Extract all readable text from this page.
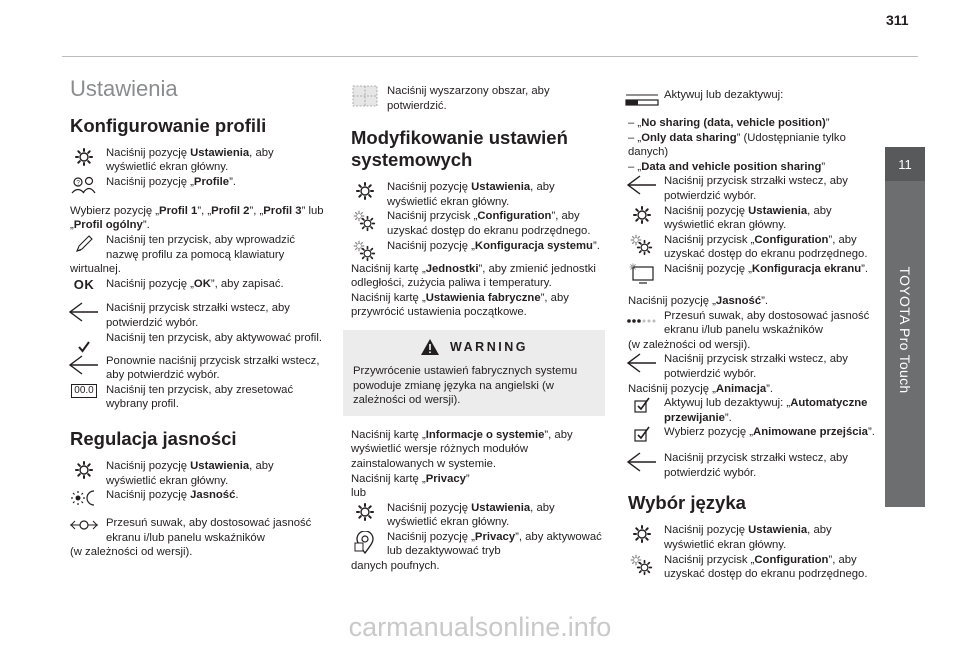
311
11
TOYOTA Pro Touch
Ustawienia
Konfigurowanie profili
Naciśnij pozycję Ustawienia, aby wyświetlić ekran główny.
? Naciśnij pozycję „Profile”.
Wybierz pozycję „Profil 1”, „Profil 2”, „Profil 3” lub „Profil ogólny”.
Naciśnij ten przycisk, aby wprowadzić nazwę profilu za pomocą klawiatury
wirtualnej.
OK Naciśnij pozycję „OK”, aby zapisać.
Naciśnij przycisk strzałki wstecz, aby potwierdzić wybór.
Naciśnij ten przycisk, aby aktywować profil.
Ponownie naciśnij przycisk strzałki wstecz, aby potwierdzić wybór.
00.0 Naciśnij ten przycisk, aby zresetować wybrany profil.
Regulacja jasności
Naciśnij pozycję Ustawienia, aby wyświetlić ekran główny.
Naciśnij pozycję Jasność.
Przesuń suwak, aby dostosować jasność ekranu i/lub panelu wskaźników
(w zależności od wersji).
Naciśnij wyszarzony obszar, aby potwierdzić.
Modyfikowanie ustawień systemowych
Naciśnij pozycję Ustawienia, aby wyświetlić ekran główny.
Naciśnij przycisk „Configuration”, aby uzyskać dostęp do ekranu podrzędnego.
Naciśnij pozycję „Konfiguracja systemu”.
Naciśnij kartę „Jednostki”, aby zmienić jednostki odległości, zużycia paliwa i temperatury.
Naciśnij kartę „Ustawienia fabryczne”, aby przywrócić ustawienia początkowe.
WARNING
Przywrócenie ustawień fabrycznych systemu powoduje zmianę języka na angielski (w zależności od wersji).
Naciśnij kartę „Informacje o systemie”, aby wyświetlić wersje różnych modułów zainstalowanych w systemie.
Naciśnij kartę „Privacy”
lub
Naciśnij pozycję Ustawienia, aby wyświetlić ekran główny.
Naciśnij pozycję „Privacy”, aby aktywować lub dezaktywować tryb
danych poufnych.
Aktywuj lub dezaktywuj:
– „No sharing (data, vehicle position)”
– „Only data sharing” (Udostępnianie tylko danych)
– „Data and vehicle position sharing”
Naciśnij przycisk strzałki wstecz, aby potwierdzić wybór.
Naciśnij pozycję Ustawienia, aby wyświetlić ekran główny.
Naciśnij przycisk „Configuration”, aby uzyskać dostęp do ekranu podrzędnego.
Naciśnij pozycję „Konfiguracja ekranu”.
Naciśnij pozycję „Jasność”.
Przesuń suwak, aby dostosować jasność ekranu i/lub panelu wskaźników
(w zależności od wersji).
Naciśnij przycisk strzałki wstecz, aby potwierdzić wybór.
Naciśnij pozycję „Animacja”.
Aktywuj lub dezaktywuj: „Automatyczne przewijanie”.
Wybierz pozycję „Animowane przejścia”.
Naciśnij przycisk strzałki wstecz, aby potwierdzić wybór.
Wybór języka
Naciśnij pozycję Ustawienia, aby wyświetlić ekran główny.
Naciśnij przycisk „Configuration”, aby uzyskać dostęp do ekranu podrzędnego.
carmanualsonline.info
